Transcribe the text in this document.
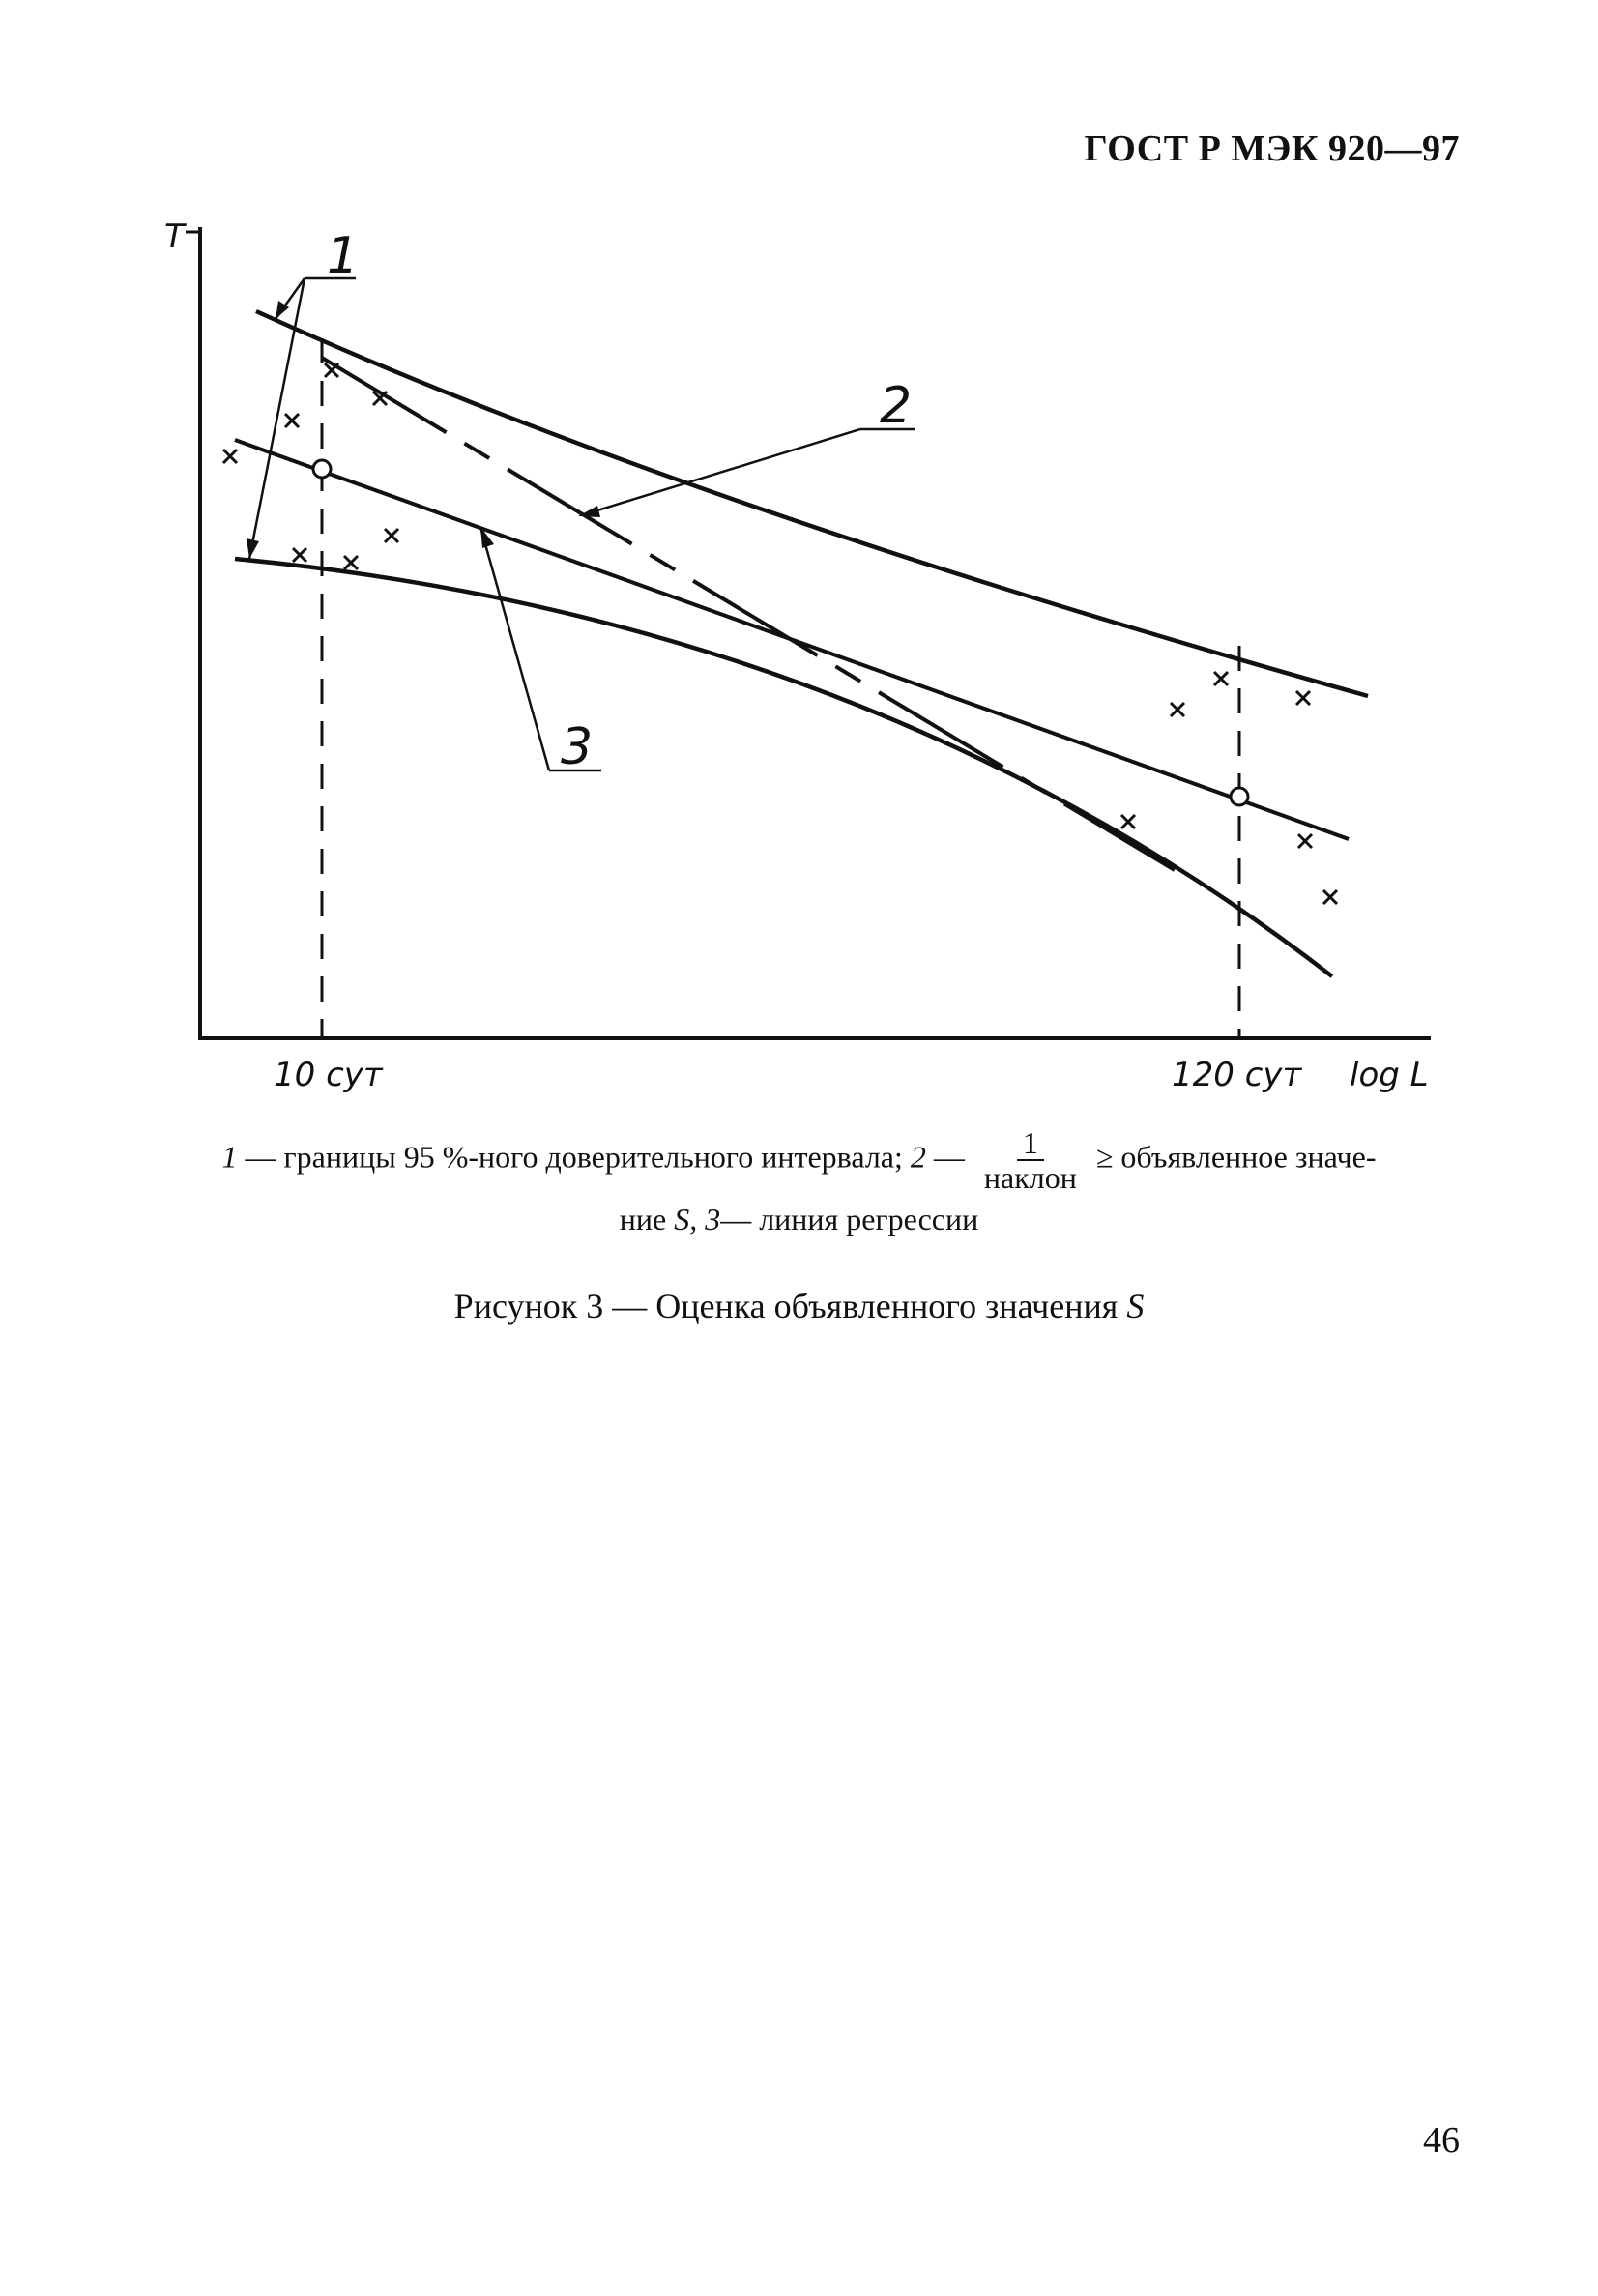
ГОСТ Р МЭК 920—97
T	1
2
3
10 сут	120 сут log L
1 — границы 95 %-ного доверительного интервала; 2 — $\frac{1}{\text{наклон}}$ ≥ объявленное значе-
ние S, 3— линия регрессии
Рисунок 3 — Оценка объявленного значения S
46
